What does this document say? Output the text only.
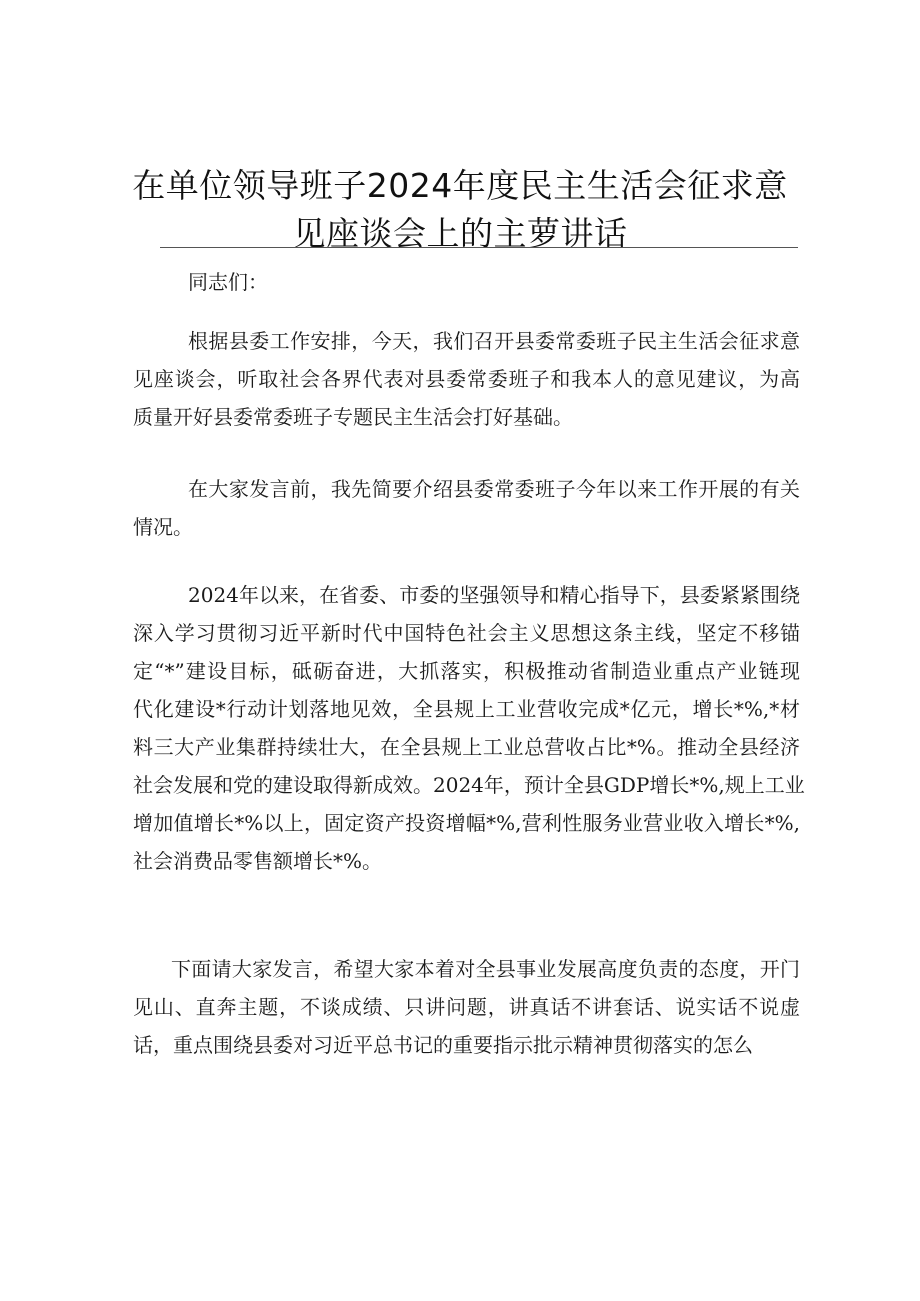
在单位领导班子2024年度民主生活会征求意
见座谈会上的主萝讲话
同志们：
根据县委工作安排，今天，我们召开县委常委班子民主生活会征求意
见座谈会，听取社会各界代表对县委常委班子和我本人的意见建议，为高
质量开好县委常委班子专题民主生活会打好基础。
在大家发言前，我先简要介绍县委常委班子今年以来工作开展的有关
情况。
2024年以来，在省委、市委的坚强领导和精心指导下，县委紧紧围绕
深入学习贯彻习近平新时代中国特色社会主义思想这条主线，坚定不移锚
定“*”建设目标，砥砺奋进，大抓落实，积极推动省制造业重点产业链现
代化建设*行动计划落地见效，全县规上工业营收完成*亿元，增长*%,*材
料三大产业集群持续壮大，在全县规上工业总营收占比*%。推动全县经济
社会发展和党的建设取得新成效。2024年，预计全县GDP增长*%,规上工业
增加值增长*%以上，固定资产投资增幅*%,营利性服务业营业收入增长*%,
社会消费品零售额增长*%。
下面请大家发言，希望大家本着对全县事业发展高度负责的态度，开门
见山、直奔主题，不谈成绩、只讲问题，讲真话不讲套话、说实话不说虚
话，重点围绕县委对习近平总书记的重要指示批示精神贯彻落实的怎么
